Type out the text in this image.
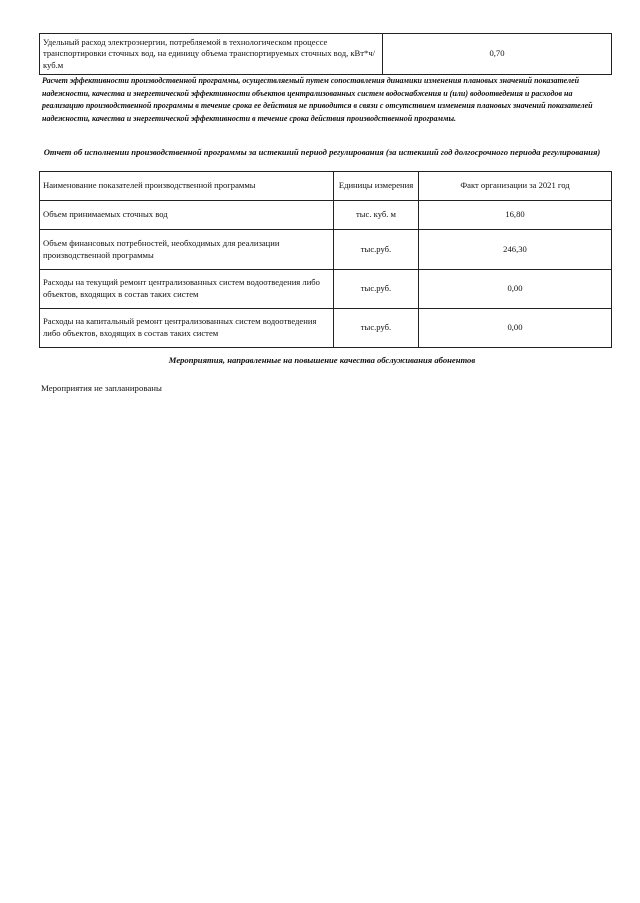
Удельный расход электроэнергии, потребляемой в технологическом процессе транспортировки сточных вод, на единицу объема транспортируемых сточных вод, кВт*ч/ куб.м	0,70
Расчет эффективности производственной программы, осуществляемый путем сопоставления динамики изменения плановых значений показателей надежности, качества и энергетической эффективности объектов централизованных систем водоснабжения и (или) водоотведения и расходов на реализацию производственной программы в течение срока ее действия не приводится в связи с отсутствием изменения плановых значений показателей надежности, качества и энергетической эффективности в течение срока действия производственной программы.
Отчет об исполнении производственной программы за истекший период регулирования (за истекший год долгосрочного периода регулирования)
Наименование показателей производственной программы	Единицы измерения	Факт организации за 2021 год
Объем принимаемых сточных вод	тыс. куб. м	16,80
Объем финансовых потребностей, необходимых для реализации производственной программы	тыс.руб.	246,30
Расходы на текущий ремонт централизованных систем водоотведения либо объектов, входящих в состав таких систем	тыс.руб.	0,00
Расходы на капитальный ремонт централизованных систем водоотведения либо объектов, входящих в состав таких систем	тыс.руб.	0,00
Мероприятия, направленные на повышение качества обслуживания абонентов
Мероприятия не запланированы
